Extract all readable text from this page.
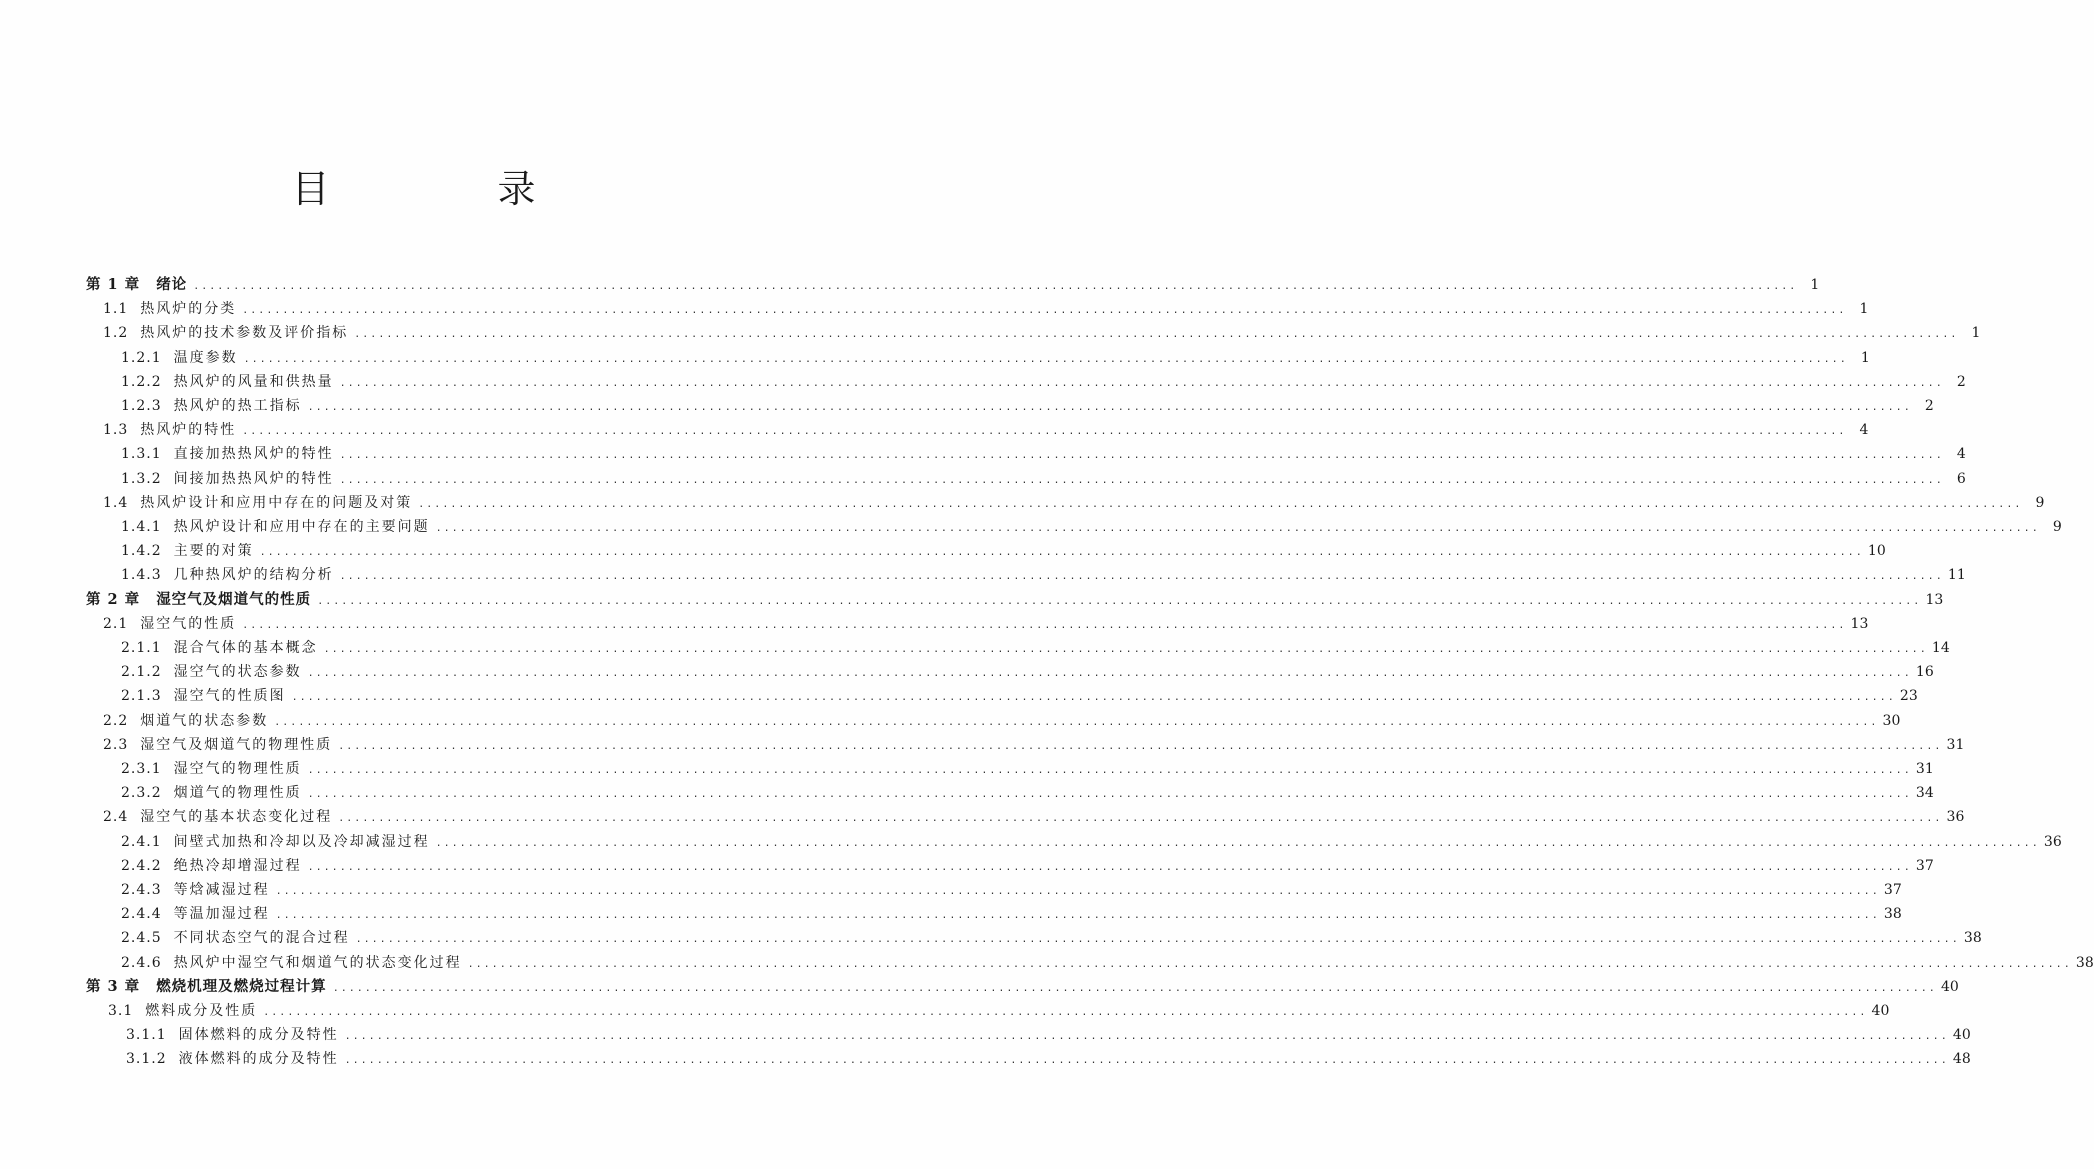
目 录
第 1 章 绪论 ........................................................................................................................................................................................................ 1
1.1 热风炉的分类 ........................................................................................................................................................................................................ 1
1.2 热风炉的技术参数及评价指标 ........................................................................................................................................................................................................ 1
1.2.1 温度参数 ........................................................................................................................................................................................................ 1
1.2.2 热风炉的风量和供热量 ........................................................................................................................................................................................................ 2
1.2.3 热风炉的热工指标 ........................................................................................................................................................................................................ 2
1.3 热风炉的特性 ........................................................................................................................................................................................................ 4
1.3.1 直接加热热风炉的特性 ........................................................................................................................................................................................................ 4
1.3.2 间接加热热风炉的特性 ........................................................................................................................................................................................................ 6
1.4 热风炉设计和应用中存在的问题及对策 ........................................................................................................................................................................................................ 9
1.4.1 热风炉设计和应用中存在的主要问题 ........................................................................................................................................................................................................ 9
1.4.2 主要的对策 ........................................................................................................................................................................................................ 10
1.4.3 几种热风炉的结构分析 ........................................................................................................................................................................................................ 11
第 2 章 湿空气及烟道气的性质 ........................................................................................................................................................................................................ 13
2.1 湿空气的性质 ........................................................................................................................................................................................................ 13
2.1.1 混合气体的基本概念 ........................................................................................................................................................................................................ 14
2.1.2 湿空气的状态参数 ........................................................................................................................................................................................................ 16
2.1.3 湿空气的性质图 ........................................................................................................................................................................................................ 23
2.2 烟道气的状态参数 ........................................................................................................................................................................................................ 30
2.3 湿空气及烟道气的物理性质 ........................................................................................................................................................................................................ 31
2.3.1 湿空气的物理性质 ........................................................................................................................................................................................................ 31
2.3.2 烟道气的物理性质 ........................................................................................................................................................................................................ 34
2.4 湿空气的基本状态变化过程 ........................................................................................................................................................................................................ 36
2.4.1 间壁式加热和冷却以及冷却减湿过程 ........................................................................................................................................................................................................ 36
2.4.2 绝热冷却增湿过程 ........................................................................................................................................................................................................ 37
2.4.3 等焓减湿过程 ........................................................................................................................................................................................................ 37
2.4.4 等温加湿过程 ........................................................................................................................................................................................................ 38
2.4.5 不同状态空气的混合过程 ........................................................................................................................................................................................................ 38
2.4.6 热风炉中湿空气和烟道气的状态变化过程 ........................................................................................................................................................................................................ 38
第 3 章 燃烧机理及燃烧过程计算 ........................................................................................................................................................................................................ 40
3.1 燃料成分及性质 ........................................................................................................................................................................................................ 40
3.1.1 固体燃料的成分及特性 ........................................................................................................................................................................................................ 40
3.1.2 液体燃料的成分及特性 ........................................................................................................................................................................................................ 48
